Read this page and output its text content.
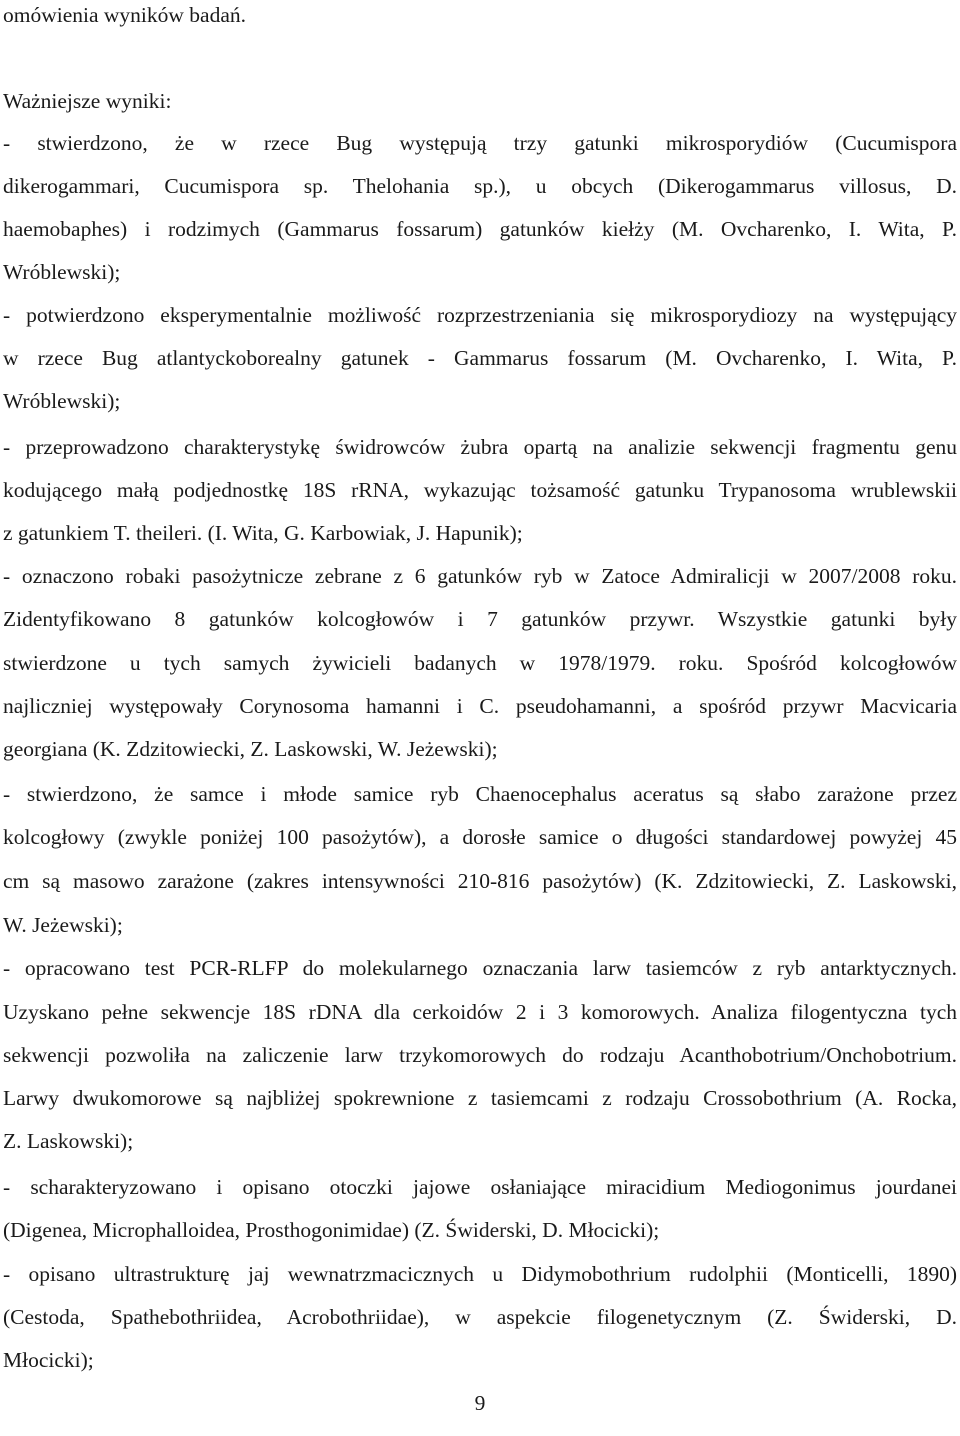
omówienia wyników badań.
Ważniejsze wyniki:
- stwierdzono, że w rzece Bug występują trzy gatunki mikrosporydiów (Cucumispora
dikerogammari, Cucumispora sp. Thelohania sp.), u obcych (Dikerogammarus villosus, D.
haemobaphes) i rodzimych (Gammarus fossarum) gatunków kiełży (M. Ovcharenko, I. Wita, P.
Wróblewski);
- potwierdzono eksperymentalnie możliwość rozprzestrzeniania się mikrosporydiozy na występujący
w rzece Bug atlantyckoborealny gatunek - Gammarus fossarum (M. Ovcharenko, I. Wita, P.
Wróblewski);
- przeprowadzono charakterystykę świdrowców żubra opartą na analizie sekwencji fragmentu genu
kodującego małą podjednostkę 18S rRNA, wykazując tożsamość gatunku Trypanosoma wrublewskii
z gatunkiem T. theileri. (I. Wita, G. Karbowiak, J. Hapunik);
- oznaczono robaki pasożytnicze zebrane z 6 gatunków ryb w Zatoce Admiralicji w 2007/2008 roku.
Zidentyfikowano 8 gatunków kolcogłowów i 7 gatunków przywr. Wszystkie gatunki były
stwierdzone u tych samych żywicieli badanych w 1978/1979. roku. Spośród kolcogłowów
najliczniej występowały Corynosoma hamanni i C. pseudohamanni, a spośród przywr Macvicaria
georgiana (K. Zdzitowiecki, Z. Laskowski, W. Jeżewski);
- stwierdzono, że samce i młode samice ryb Chaenocephalus aceratus są słabo zarażone przez
kolcogłowy (zwykle poniżej 100 pasożytów), a dorosłe samice o długości standardowej powyżej 45
cm są masowo zarażone (zakres intensywności 210-816 pasożytów) (K. Zdzitowiecki, Z. Laskowski,
W. Jeżewski);
- opracowano test PCR-RLFP do molekularnego oznaczania larw tasiemców z ryb antarktycznych.
Uzyskano pełne sekwencje 18S rDNA dla cerkoidów 2 i 3 komorowych. Analiza filogentyczna tych
sekwencji pozwoliła na zaliczenie larw trzykomorowych do rodzaju Acanthobotrium/Onchobotrium.
Larwy dwukomorowe są najbliżej spokrewnione z tasiemcami z rodzaju Crossobothrium (A. Rocka,
Z. Laskowski);
- scharakteryzowano i opisano otoczki jajowe osłaniające miracidium Mediogonimus jourdanei
(Digenea, Microphalloidea, Prosthogonimidae) (Z. Świderski, D. Młocicki);
- opisano ultrastrukturę jaj wewnatrzmacicznych u Didymobothrium rudolphii (Monticelli, 1890)
(Cestoda, Spathebothriidea, Acrobothriidae), w aspekcie filogenetycznym (Z. Świderski, D.
Młocicki);
9
